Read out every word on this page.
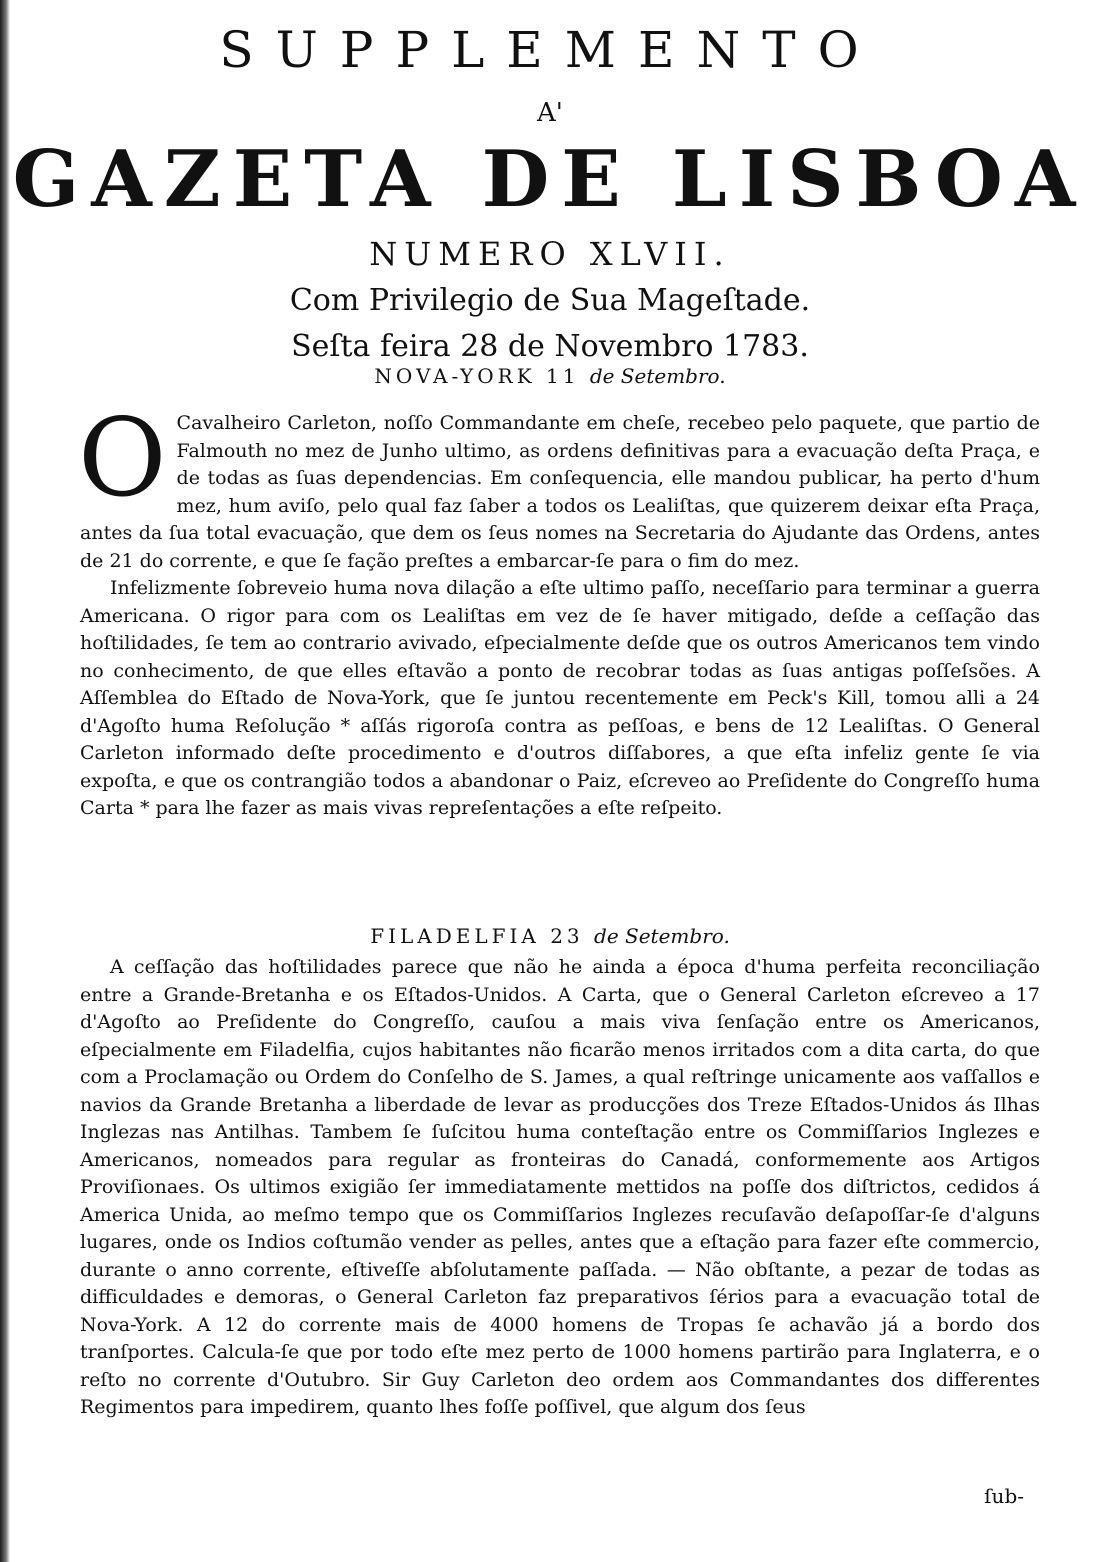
SUPPLEMENTO
A'
GAZETA DE LISBOA
NUMERO XLVII.
Com Privilegio de Sua Mageſtade.
Seſta feira 28 de Novembro 1783.
NOVA-YORK 11 de Setembro.
O Cavalheiro Carleton, noſſo Commandante em cheſe, recebeo pelo paquete, que partio de Falmouth no mez de Junho ultimo, as ordens definitivas para a evacuação deſta Praça, e de todas as ſuas dependencias. Em conſequencia, elle mandou publicar, ha perto d'hum mez, hum aviſo, pelo qual faz ſaber a todos os Lealiſtas, que quizerem deixar eſta Praça, antes da ſua total evacuação, que dem os ſeus nomes na Secretaria do Ajudante das Ordens, antes de 21 do corrente, e que ſe fação preſtes a embarcar-ſe para o fim do mez.

Infelizmente ſobreveio huma nova dilação a eſte ultimo paſſo, neceſſario para terminar a guerra Americana. O rigor para com os Lealiſtas em vez de ſe haver mitigado, deſde a ceſſação das hoſtilidades, ſe tem ao contrario avivado, eſpecialmente deſde que os outros Americanos tem vindo no conhecimento, de que elles eſtavão a ponto de recobrar todas as ſuas antigas poſſeſsões. A Aſſemblea do Eſtado de Nova-York, que ſe juntou recentemente em Peck's Kill, tomou alli a 24 d'Agoſto huma Reſolução * aſſás rigoroſa contra as peſſoas, e bens de 12 Lealiſtas. O General Carleton informado deſte procedimento e d'outros diſſabores, a que eſta infeliz gente ſe via expoſta, e que os contrangião todos a abandonar o Paiz, eſcreveo ao Preſidente do Congreſſo huma Carta * para lhe fazer as mais vivas repreſentações a eſte reſpeito.

FILADELFIA 23 de Setembro.

A ceſſação das hoſtilidades parece que não he ainda a época d'huma perfeita reconciliação entre a Grande-Bretanha e os Eſtados-Unidos. A Carta, que o General Carleton eſcreveo a 17 d'Agoſto ao Preſidente do Congreſſo, cauſou a mais viva ſenſação entre os Americanos, eſpecialmente em Filadelfia, cujos habitantes não ficarão menos irritados com a dita carta, do que com a Proclamação ou Ordem do Conſelho de S. James, a qual reſtringe unicamente aos vaſſallos e navios da Grande Bretanha a liberdade de levar as producções dos Treze Eſtados-Unidos ás Ilhas Inglezas nas Antilhas. Tambem ſe ſuſcitou huma conteſtação entre os Commiſſarios Inglezes e Americanos, nomeados para regular as fronteiras do Canadá, conformemente aos Artigos Proviſionaes. Os ultimos exigião ſer immediatamente mettidos na poſſe dos diſtrictos, cedidos á America Unida, ao meſmo tempo que os Commiſſarios Inglezes recuſavão deſapoſſar-ſe d'alguns lugares, onde os Indios coſtumão vender as pelles, antes que a eſtação para fazer eſte commercio, durante o anno corrente, eſtiveſſe abſolutamente paſſada. — Não obſtante, a pezar de todas as difficuldades e demoras, o General Carleton faz preparativos ſérios para a evacuação total de Nova-York. A 12 do corrente mais de 4000 homens de Tropas ſe achavão já a bordo dos tranſportes. Calcula-ſe que por todo eſte mez perto de 1000 homens partirão para Inglaterra, e o reſto no corrente d'Outubro. Sir Guy Carleton deo ordem aos Commandantes dos differentes Regimentos para impedirem, quanto lhes foſſe poſſivel, que algum dos ſeus

ſub-
